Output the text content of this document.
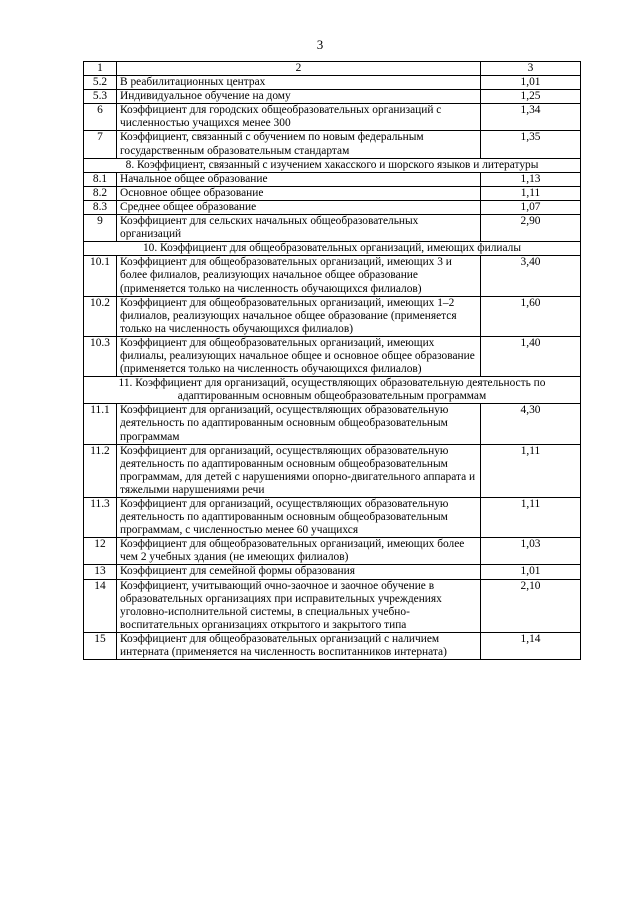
3
1	2	3
5.2	В реабилитационных центрах	1,01
5.3	Индивидуальное обучение на дому	1,25
6	Коэффициент для городских общеобразовательных организаций с численностью учащихся менее 300	1,34
7	Коэффициент, связанный с обучением по новым федеральным государственным образовательным стандартам	1,35
8. Коэффициент, связанный с изучением хакасского и шорского языков и литературы		
8.1	Начальное общее образование	1,13
8.2	Основное общее образование	1,11
8.3	Среднее общее образование	1,07
9	Коэффициент для сельских начальных общеобразовательных организаций	2,90
10. Коэффициент для общеобразовательных организаций, имеющих филиалы		
10.1	Коэффициент для общеобразовательных организаций, имеющих 3 и более филиалов, реализующих начальное общее образование (применяется только на численность обучающихся филиалов)	3,40
10.2	Коэффициент для общеобразовательных организаций, имеющих 1–2 филиалов, реализующих начальное общее образование (применяется только на численность обучающихся филиалов)	1,60
10.3	Коэффициент для общеобразовательных организаций, имеющих филиалы, реализующих начальное общее и основное общее образование (применяется только на численность обучающихся филиалов)	1,40
11. Коэффициент для организаций, осуществляющих образовательную деятельность по адаптированным основным общеобразовательным программам		
11.1	Коэффициент для организаций, осуществляющих образовательную деятельность по адаптированным основным общеобразовательным программам	4,30
11.2	Коэффициент для организаций, осуществляющих образовательную деятельность по адаптированным основным общеобразовательным программам, для детей с нарушениями опорно-двигательного аппарата и тяжелыми нарушениями речи	1,11
11.3	Коэффициент для организаций, осуществляющих образовательную деятельность по адаптированным основным общеобразовательным программам, с численностью менее 60 учащихся	1,11
12	Коэффициент для общеобразовательных организаций, имеющих более чем 2 учебных здания (не имеющих филиалов)	1,03
13	Коэффициент для семейной формы образования	1,01
14	Коэффициент, учитывающий очно-заочное и заочное обучение в образовательных организациях при исправительных учреждениях уголовно-исполнительной системы, в специальных учебно-воспитательных организациях открытого и закрытого типа	2,10
15	Коэффициент для общеобразовательных организаций с наличием интерната (применяется на численность воспитанников интерната)	1,14
